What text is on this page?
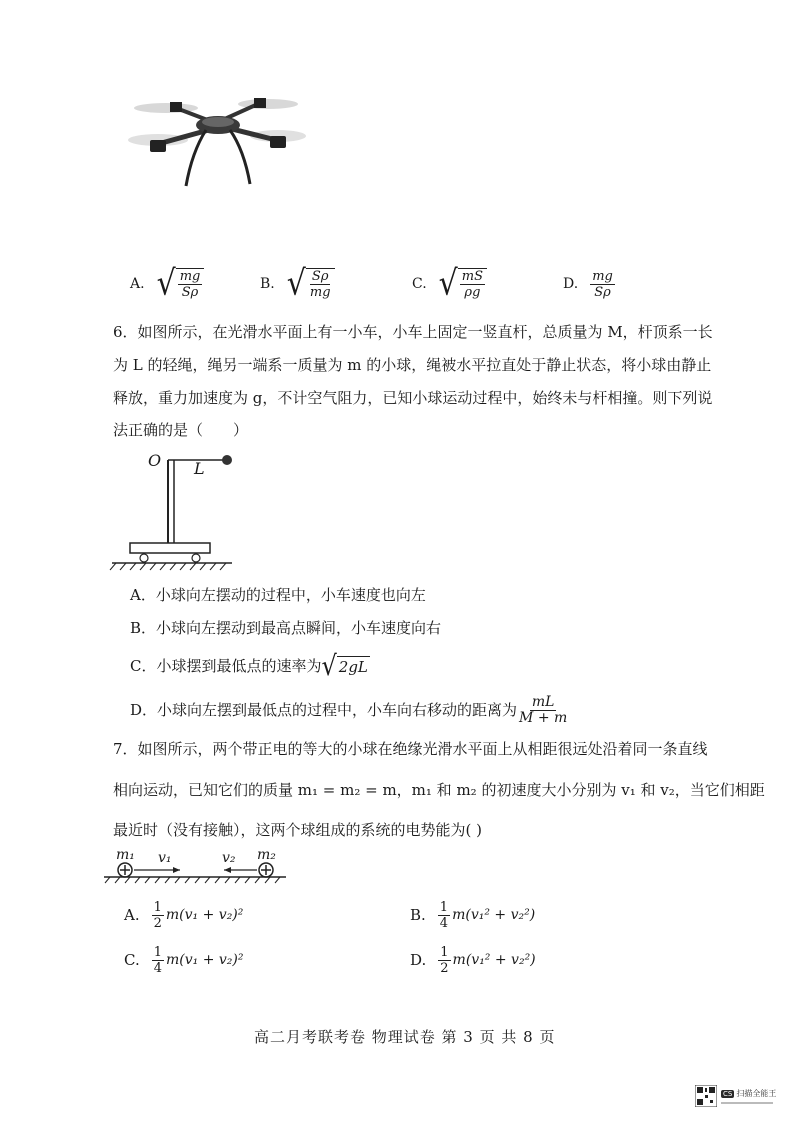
A. √ $\frac{mg}{S\rho}$	B. √ $\frac{S\rho}{mg}$	C. √ $\frac{mS}{\rho g}$	D. $\frac{mg}{S\rho}$
6．如图所示，在光滑水平面上有一小车，小车上固定一竖直杆，总质量为 M，杆顶系一长
为 L 的轻绳，绳另一端系一质量为 m 的小球，绳被水平拉直处于静止状态，将小球由静止
释放，重力加速度为 g，不计空气阻力，已知小球运动过程中，始终未与杆相撞。则下列说
法正确的是（　　）
O L
A．小球向左摆动的过程中，小车速度也向左
B．小球向左摆动到最高点瞬间，小车速度向右
C．小球摆到最低点的速率为 √ 2gL
D．小球向左摆到最低点的过程中，小车向右移动的距离为 $\frac{mL}{M + m}$
7．如图所示，两个带正电的等大的小球在绝缘光滑水平面上从相距很远处沿着同一条直线
相向运动，已知它们的质量 m₁ = m₂ = m，m₁ 和 m₂ 的初速度大小分别为 v₁ 和 v₂，当它们相距
最近时（没有接触），这两个球组成的系统的电势能为( )
m₁ v₁	v₂ m₂
A. $\frac{1}{2} m(v_1 + v_2)^2$	B. $\frac{1}{4} m(v_1^2 + v_2^2)$
C. $\frac{1}{4} m(v_1 + v_2)^2$	D. $\frac{1}{2} m(v_1^2 + v_2^2)$
高二月考联考卷 物理试卷 第 3 页 共 8 页
CS 扫描全能王
